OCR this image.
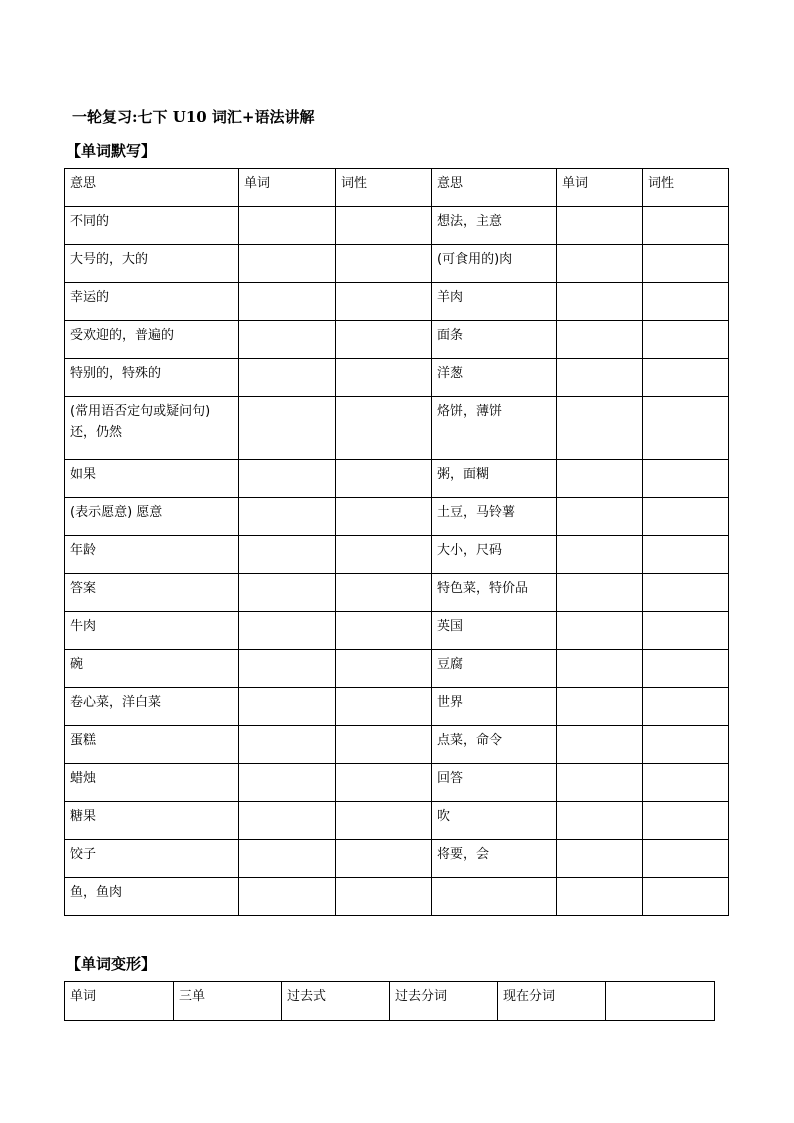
一轮复习:七下 U10 词汇+语法讲解
【单词默写】
意思	单词	词性	意思	单词	词性
不同的			想法，主意		
大号的，大的			(可食用的)肉		
幸运的			羊肉		
受欢迎的，普遍的			面条		
特别的，特殊的			洋葱		
(常用语否定句或疑问句)还，仍然			烙饼，薄饼		
如果			粥，面糊		
(表示愿意) 愿意			土豆，马铃薯		
年龄			大小，尺码		
答案			特色菜，特价品		
牛肉			英国		
碗			豆腐		
卷心菜，洋白菜			世界		
蛋糕			点菜，命令		
蜡烛			回答		
糖果			吹		
饺子			将要，会		
鱼，鱼肉					
【单词变形】
单词	三单	过去式	过去分词	现在分词	
